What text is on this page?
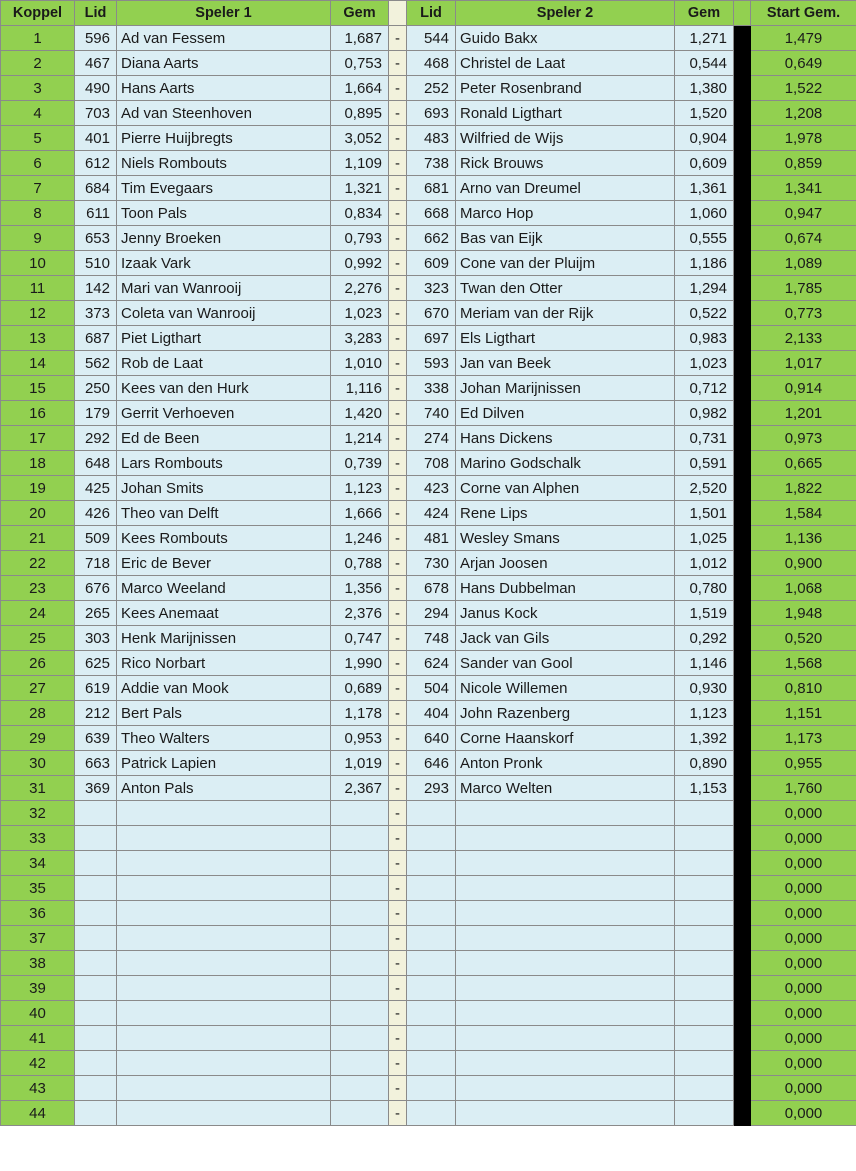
Koppel	Lid	Speler 1	Gem		Lid	Speler 2	Gem		Start Gem.
1	596	Ad van Fessem	1,687	-	544	Guido Bakx	1,271		1,479
2	467	Diana Aarts	0,753	-	468	Christel de Laat	0,544		0,649
3	490	Hans Aarts	1,664	-	252	Peter Rosenbrand	1,380		1,522
4	703	Ad van Steenhoven	0,895	-	693	Ronald Ligthart	1,520		1,208
5	401	Pierre Huijbregts	3,052	-	483	Wilfried de Wijs	0,904		1,978
6	612	Niels Rombouts	1,109	-	738	Rick Brouws	0,609		0,859
7	684	Tim Evegaars	1,321	-	681	Arno van Dreumel	1,361		1,341
8	611	Toon Pals	0,834	-	668	Marco Hop	1,060		0,947
9	653	Jenny Broeken	0,793	-	662	Bas van Eijk	0,555		0,674
10	510	Izaak Vark	0,992	-	609	Cone van der Pluijm	1,186		1,089
11	142	Mari van Wanrooij	2,276	-	323	Twan den Otter	1,294		1,785
12	373	Coleta van Wanrooij	1,023	-	670	Meriam van der Rijk	0,522		0,773
13	687	Piet Ligthart	3,283	-	697	Els Ligthart	0,983		2,133
14	562	Rob de Laat	1,010	-	593	Jan van Beek	1,023		1,017
15	250	Kees van den Hurk	1,116	-	338	Johan Marijnissen	0,712		0,914
16	179	Gerrit Verhoeven	1,420	-	740	Ed Dilven	0,982		1,201
17	292	Ed de Been	1,214	-	274	Hans Dickens	0,731		0,973
18	648	Lars Rombouts	0,739	-	708	Marino Godschalk	0,591		0,665
19	425	Johan Smits	1,123	-	423	Corne van Alphen	2,520		1,822
20	426	Theo van Delft	1,666	-	424	Rene Lips	1,501		1,584
21	509	Kees Rombouts	1,246	-	481	Wesley Smans	1,025		1,136
22	718	Eric de Bever	0,788	-	730	Arjan Joosen	1,012		0,900
23	676	Marco Weeland	1,356	-	678	Hans Dubbelman	0,780		1,068
24	265	Kees Anemaat	2,376	-	294	Janus Kock	1,519		1,948
25	303	Henk Marijnissen	0,747	-	748	Jack van Gils	0,292		0,520
26	625	Rico Norbart	1,990	-	624	Sander van Gool	1,146		1,568
27	619	Addie van Mook	0,689	-	504	Nicole Willemen	0,930		0,810
28	212	Bert Pals	1,178	-	404	John Razenberg	1,123		1,151
29	639	Theo Walters	0,953	-	640	Corne Haanskorf	1,392		1,173
30	663	Patrick Lapien	1,019	-	646	Anton Pronk	0,890		0,955
31	369	Anton Pals	2,367	-	293	Marco Welten	1,153		1,760
32				-					0,000
33				-					0,000
34				-					0,000
35				-					0,000
36				-					0,000
37				-					0,000
38				-					0,000
39				-					0,000
40				-					0,000
41				-					0,000
42				-					0,000
43				-					0,000
44				-					0,000
